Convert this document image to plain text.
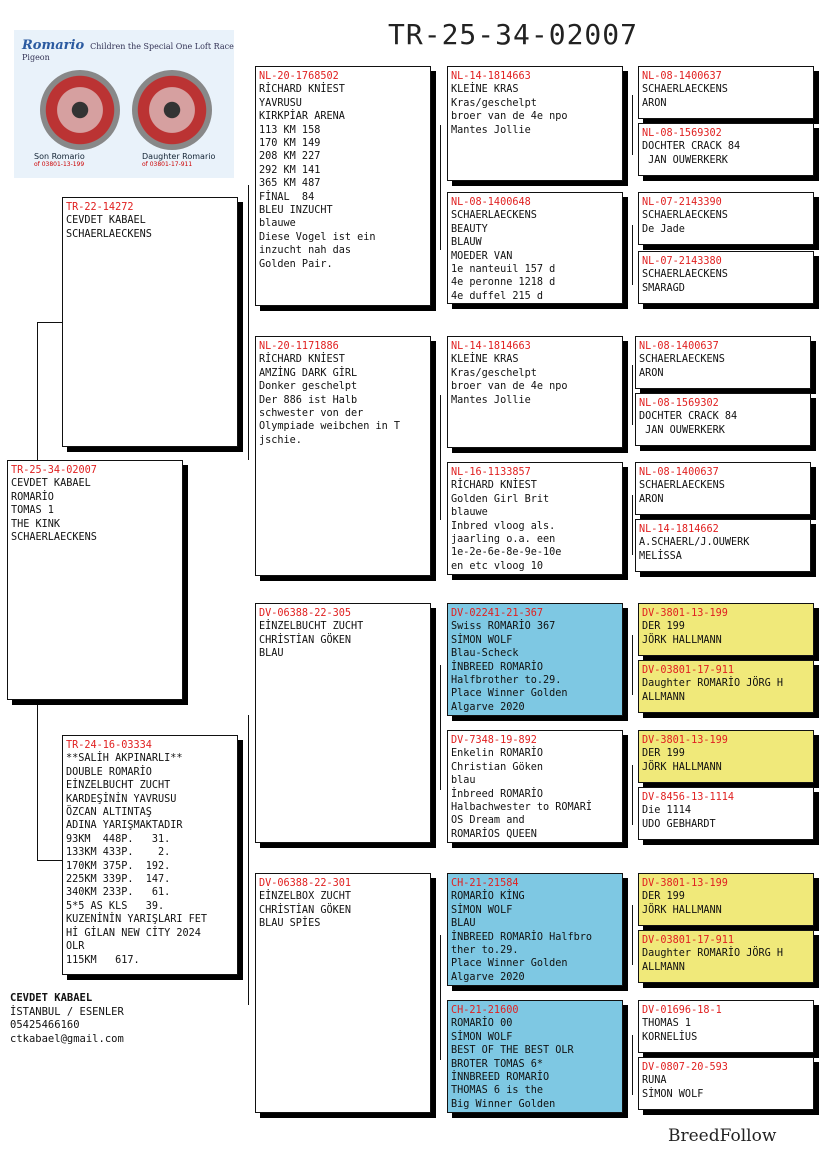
TR-25-34-02007
Romario Children the Special One Loft Race Pigeon
Son Romario
of 03801-13-199
Daughter Romario
of 03801-17-911
TR-25-34-02007
CEVDET KABAEL
ROMARİO
TOMAS 1
THE KINK
SCHAERLAECKENS
TR-22-14272
CEVDET KABAEL
SCHAERLAECKENS
TR-24-16-03334
**SALİH AKPINARLI**
DOUBLE ROMARİO
EİNZELBUCHT ZUCHT
KARDEŞİNİN YAVRUSU
ÖZCAN ALTINTAŞ
ADINA YARIŞMAKTADIR
93KM  448P.   31.
133KM 433P.    2.
170KM 375P.  192.
225KM 339P.  147.
340KM 233P.   61.
5*5 AS KLS   39.
KUZENİNİN YARIŞLARI FET
Hİ GİLAN NEW CİTY 2024
OLR
115KM   617.
NL-20-1768502
RİCHARD KNİEST
YAVRUSU
KIRKPİAR ARENA
113 KM 158
170 KM 149
208 KM 227
292 KM 141
365 KM 487
FİNAL  84
BLEU INZUCHT
blauwe
Diese Vogel ist ein
inzucht nah das
Golden Pair.
NL-20-1171886
RİCHARD KNİEST
AMZİNG DARK GİRL
Donker geschelpt
Der 886 ist Halb
schwester von der
Olympiade weibchen in T
jschie.
DV-06388-22-305
EİNZELBUCHT ZUCHT
CHRİSTİAN GÖKEN
BLAU
DV-06388-22-301
EİNZELBOX ZUCHT
CHRİSTİAN GÖKEN
BLAU SPİES
NL-14-1814663
KLEİNE KRAS
Kras/geschelpt
broer van de 4e npo
Mantes Jollie
NL-08-1400648
SCHAERLAECKENS
BEAUTY
BLAUW
MOEDER VAN
1e nanteuil 157 d
4e peronne 1218 d
4e duffel 215 d
NL-14-1814663
KLEİNE KRAS
Kras/geschelpt
broer van de 4e npo
Mantes Jollie
NL-16-1133857
RİCHARD KNİEST
Golden Girl Brit
blauwe
Inbred vloog als.
jaarling o.a. een
1e-2e-6e-8e-9e-10e
en etc vloog 10
DV-02241-21-367
Swiss ROMARİO 367
SİMON WOLF
Blau-Scheck
İNBREED ROMARİO
Halfbrother to.29.
Place Winner Golden
Algarve 2020
DV-7348-19-892
Enkelin ROMARİO
Christian Göken
blau
İnbreed ROMARİO
Halbachwester to ROMARİ
OS Dream and
ROMARİOS QUEEN
CH-21-21584
ROMARİO KİNG
SİMON WOLF
BLAU
İNBREED ROMARİO Halfbro
ther to.29.
Place Winner Golden
Algarve 2020
CH-21-21600
ROMARİO 00
SİMON WOLF
BEST OF THE BEST OLR
BROTER TOMAS 6*
İNNBREED ROMARİO
THOMAS 6 is the
Big Winner Golden
NL-08-1400637
SCHAERLAECKENS
ARON
NL-08-1569302
DOCHTER CRACK 84
JAN OUWERKERK
NL-07-2143390
SCHAERLAECKENS
De Jade
NL-07-2143380
SCHAERLAECKENS
SMARAGD
NL-08-1400637
SCHAERLAECKENS
ARON
NL-08-1569302
DOCHTER CRACK 84
JAN OUWERKERK
NL-08-1400637
SCHAERLAECKENS
ARON
NL-14-1814662
A.SCHAERL/J.OUWERK
MELİSSA
DV-3801-13-199
DER 199
JÖRK HALLMANN
DV-03801-17-911
Daughter ROMARİO JÖRG H
ALLMANN
DV-3801-13-199
DER 199
JÖRK HALLMANN
DV-8456-13-1114
Die 1114
UDO GEBHARDT
DV-3801-13-199
DER 199
JÖRK HALLMANN
DV-03801-17-911
Daughter ROMARİO JÖRG H
ALLMANN
DV-01696-18-1
THOMAS 1
KORNELİUS
DV-0807-20-593
RUNA
SİMON WOLF
CEVDET KABAEL
İSTANBUL / ESENLER
05425466160
ctkabael@gmail.com
BreedFollow
